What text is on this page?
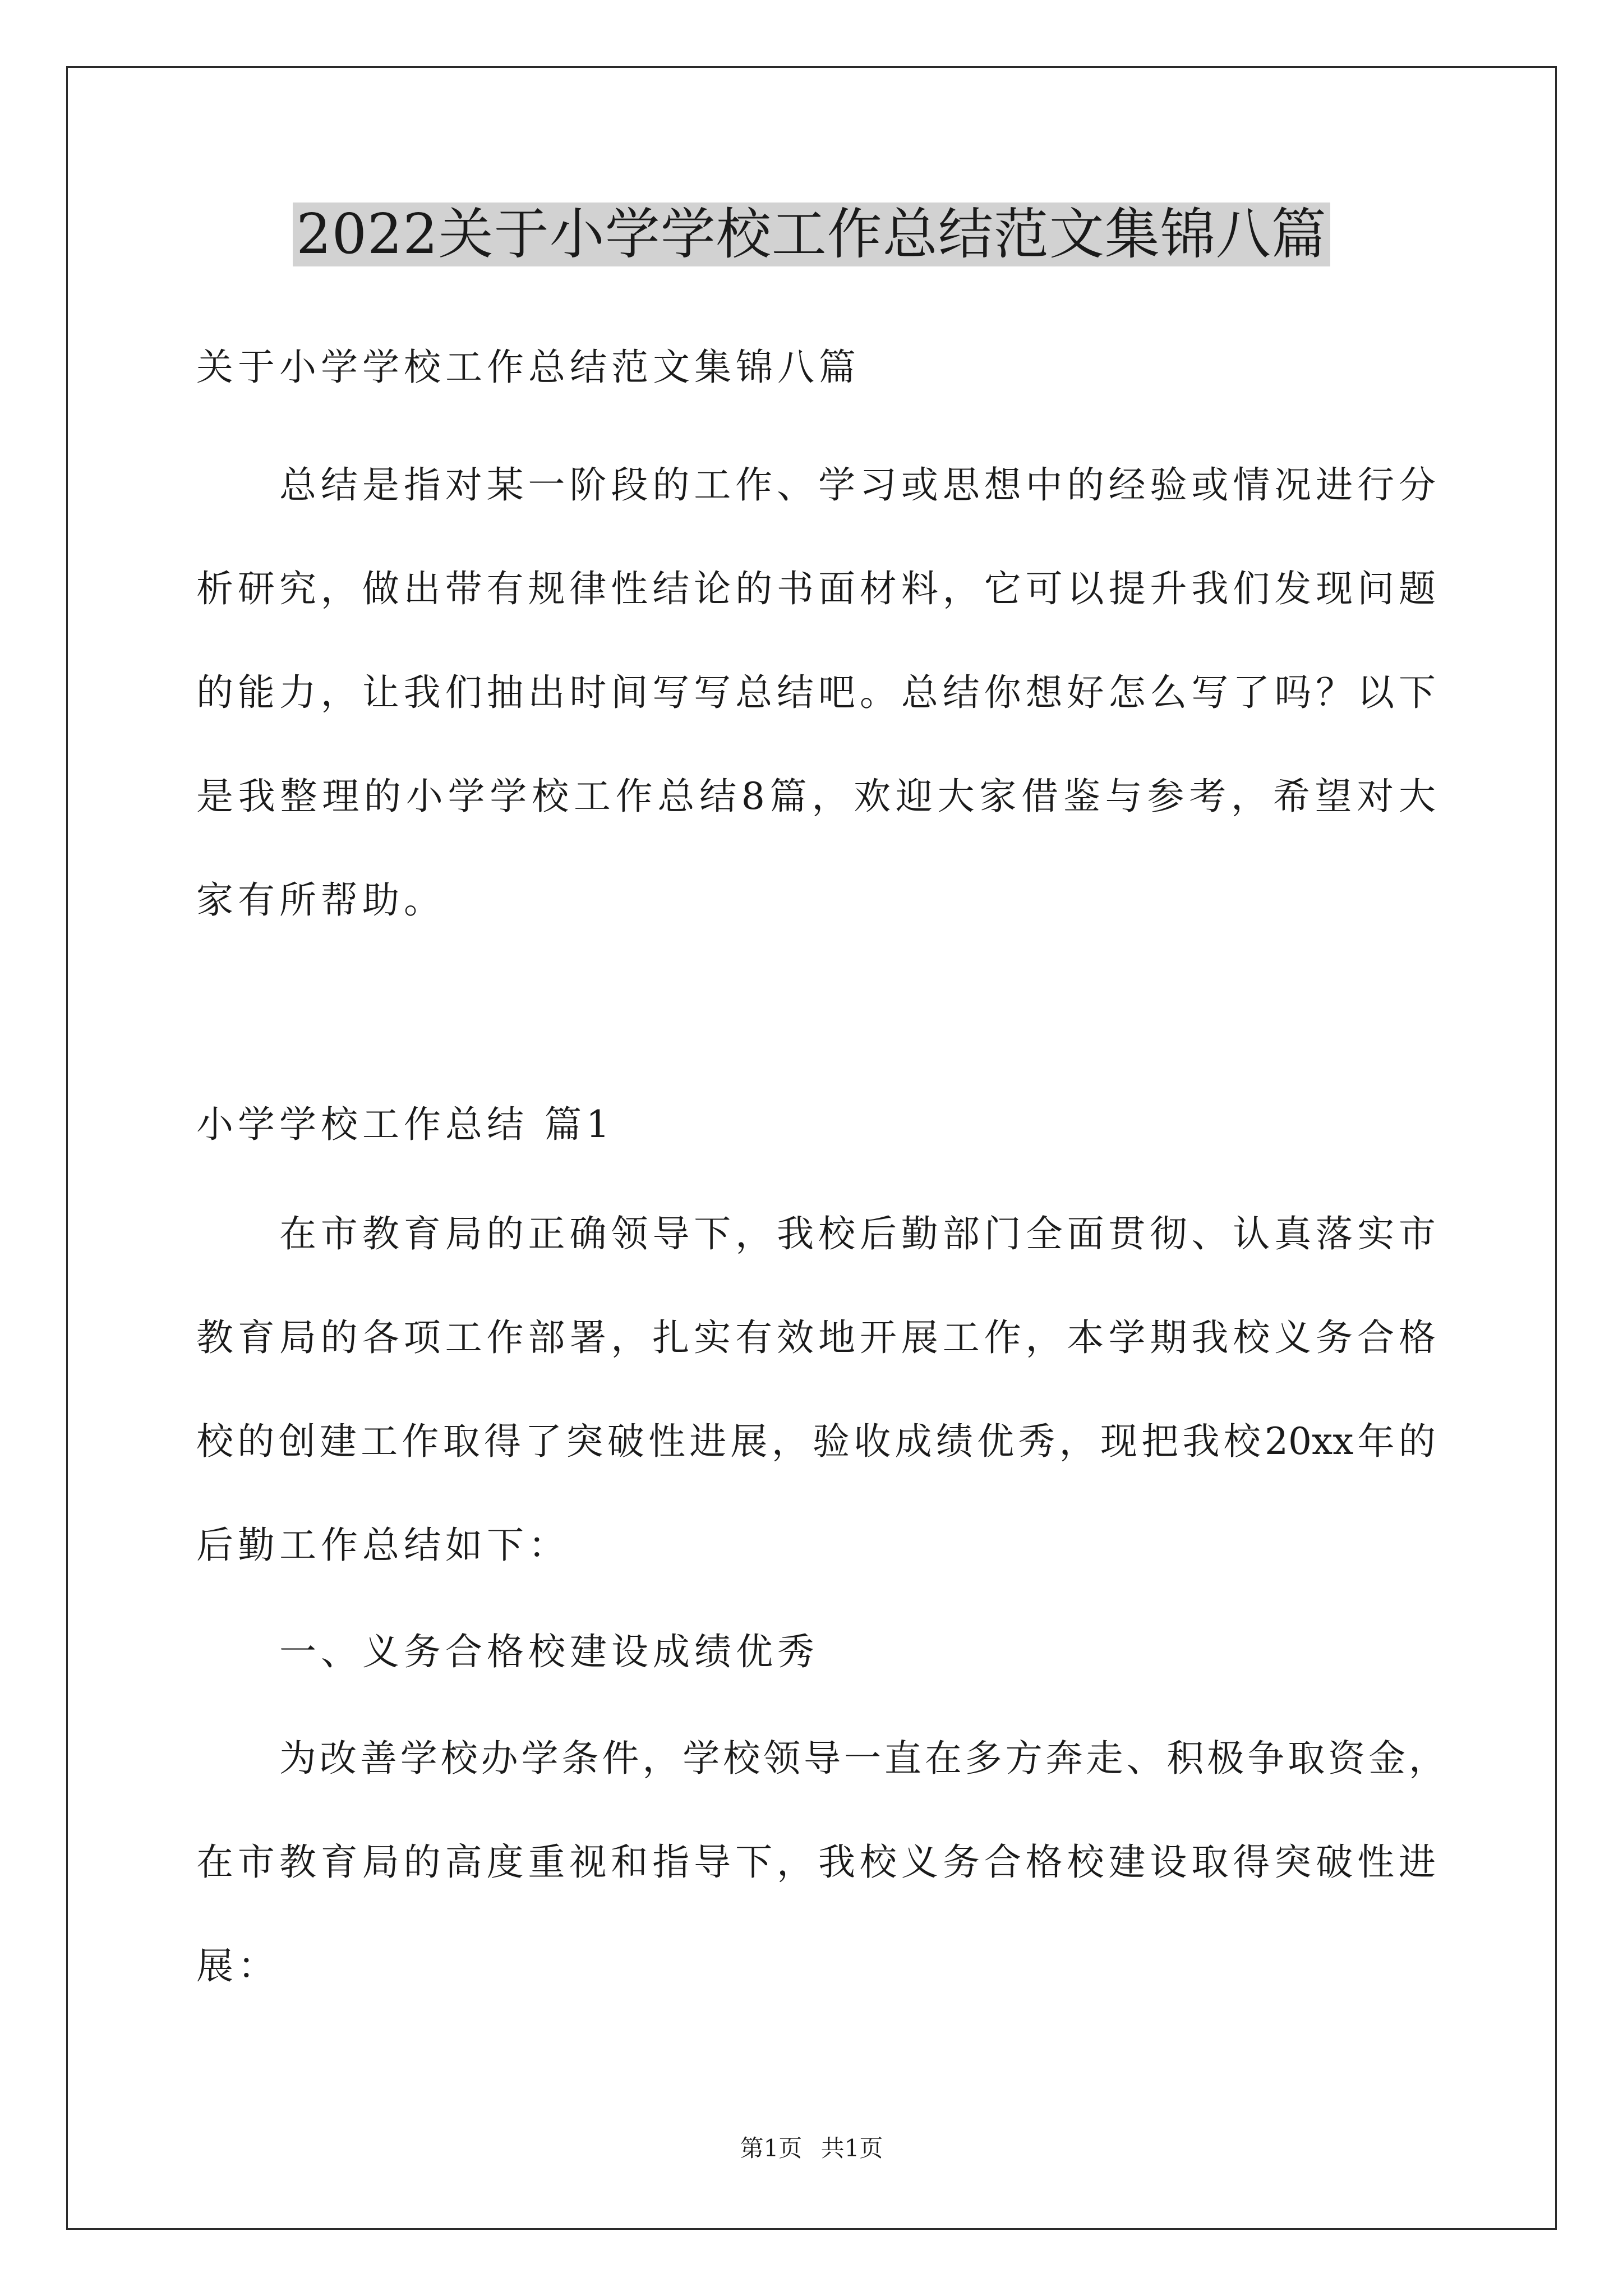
2022关于小学学校工作总结范文集锦八篇
关于小学学校工作总结范文集锦八篇
总结是指对某一阶段的工作、学习或思想中的经验或情况进行分
析研究，做出带有规律性结论的书面材料，它可以提升我们发现问题
的能力，让我们抽出时间写写总结吧。总结你想好怎么写了吗？以下
是我整理的小学学校工作总结8篇，欢迎大家借鉴与参考，希望对大
家有所帮助。
小学学校工作总结 篇1
在市教育局的正确领导下，我校后勤部门全面贯彻、认真落实市
教育局的各项工作部署，扎实有效地开展工作，本学期我校义务合格
校的创建工作取得了突破性进展，验收成绩优秀，现把我校20xx年的
后勤工作总结如下：
一、义务合格校建设成绩优秀
为改善学校办学条件，学校领导一直在多方奔走、积极争取资金，
在市教育局的高度重视和指导下，我校义务合格校建设取得突破性进
展：
第1页 共1页
